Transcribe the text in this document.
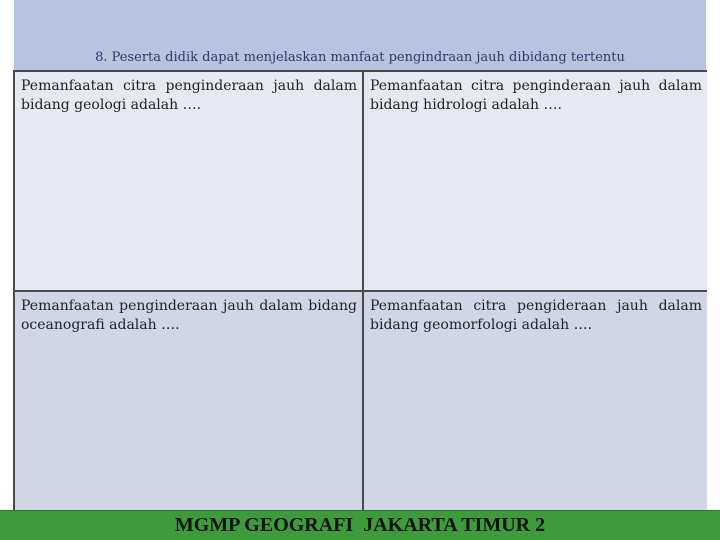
8. Peserta didik dapat menjelaskan manfaat pengindraan jauh dibidang tertentu
Pemanfaatan citra penginderaan jauh dalam bidang geologi adalah ….
Pemanfaatan citra penginderaan jauh dalam bidang hidrologi adalah ….
Pemanfaatan penginderaan jauh dalam bidang oceanografi adalah ….
Pemanfaatan citra pengideraan jauh dalam bidang geomorfologi adalah ….
MGMP GEOGRAFI  JAKARTA TIMUR 2
